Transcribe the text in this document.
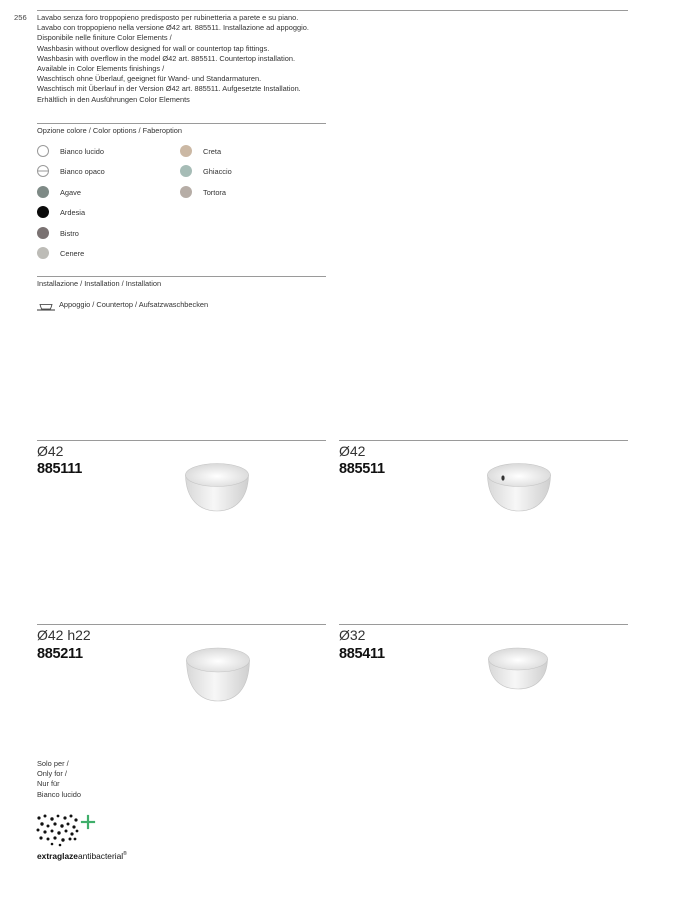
256 Lavabo senza foro troppopieno predisposto per rubinetteria a parete e su piano.
Lavabo con troppopieno nella versione Ø42 art. 885511. Installazione ad appoggio.
Disponibile nelle finiture Color Elements /
Washbasin without overflow designed for wall or countertop tap fittings.
Washbasin with overflow in the model Ø42 art. 885511. Countertop installation.
Available in Color Elements finishings /
Waschtisch ohne Überlauf, geeignet für Wand- und Standarmaturen.
Waschtisch mit Überlauf in der Version Ø42 art. 885511. Aufgesetzte Installation.
Erhältlich in den Ausführungen Color Elements
Opzione colore / Color options / Faberoption
Bianco lucido
Bianco opaco
Agave
Ardesia
Bistro
Cenere
Creta
Ghiaccio
Tortora
Installazione / Installation / Installation
Appoggio / Countertop / Aufsatzwaschbecken
Ø42
885111
Ø42
885511
Ø42 h22
885211
Ø32
885411
Solo per /
Only for /
Nur für
Bianco lucido
extraglazeantibacterial®
